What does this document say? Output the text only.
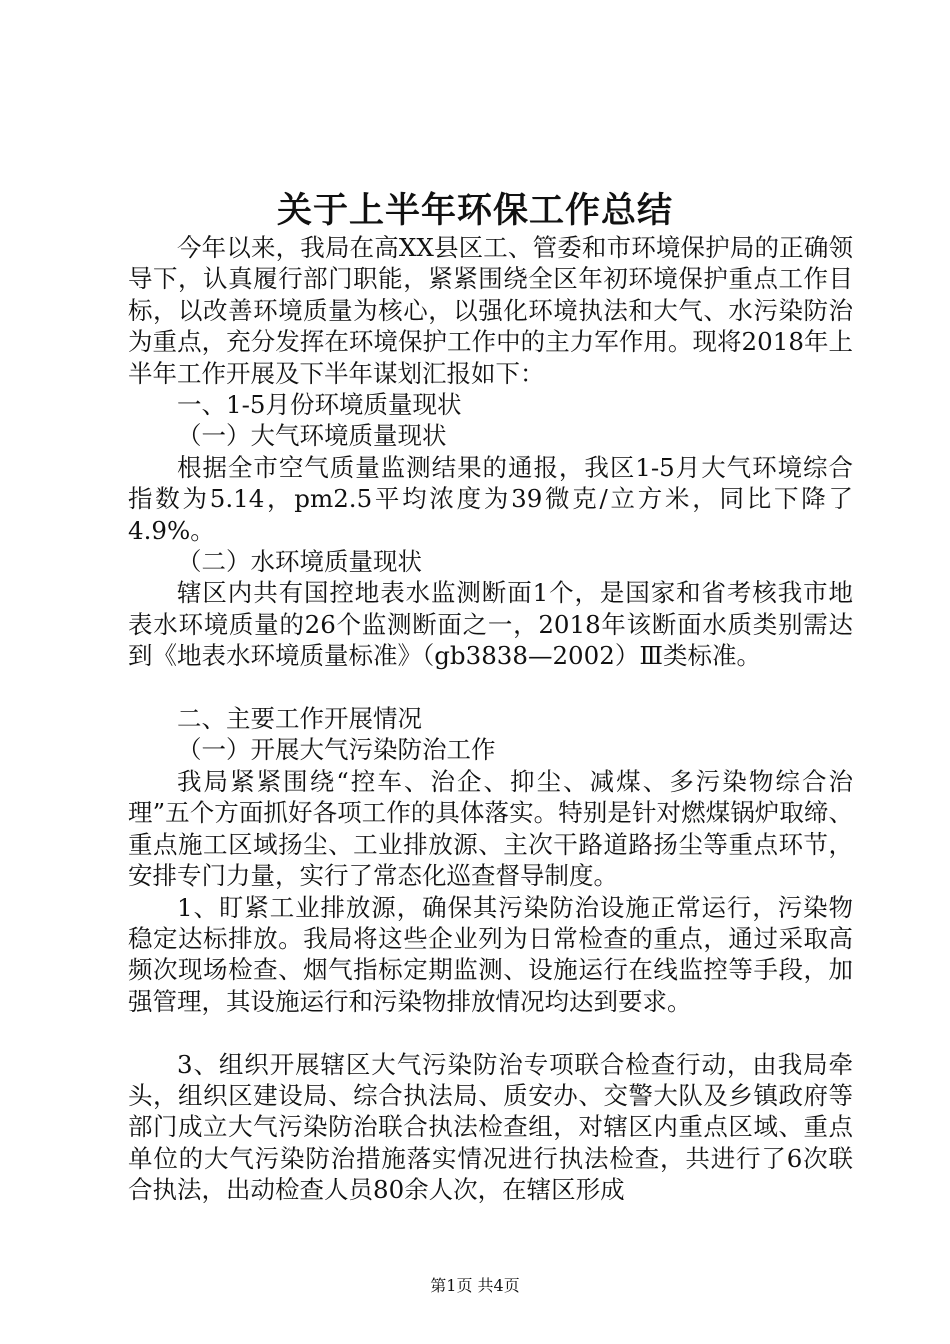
关于上半年环保工作总结

今年以来，我局在高XX县区工、管委和市环境保护局的正确领导下，认真履行部门职能，紧紧围绕全区年初环境保护重点工作目标，以改善环境质量为核心，以强化环境执法和大气、水污染防治为重点，充分发挥在环境保护工作中的主力军作用。现将2018年上半年工作开展及下半年谋划汇报如下：

一、1-5月份环境质量现状

（一）大气环境质量现状

根据全市空气质量监测结果的通报，我区1-5月大气环境综合指数为5.14，pm2.5平均浓度为39微克/立方米，同比下降了4.9%。

（二）水环境质量现状

辖区内共有国控地表水监测断面1个，是国家和省考核我市地表水环境质量的26个监测断面之一，2018年该断面水质类别需达到《地表水环境质量标准》（gb3838—2002）Ⅲ类标准。

二、主要工作开展情况

（一）开展大气污染防治工作

我局紧紧围绕“控车、治企、抑尘、减煤、多污染物综合治理”五个方面抓好各项工作的具体落实。特别是针对燃煤锅炉取缔、重点施工区域扬尘、工业排放源、主次干路道路扬尘等重点环节，安排专门力量，实行了常态化巡查督导制度。

1、盯紧工业排放源，确保其污染防治设施正常运行，污染物稳定达标排放。我局将这些企业列为日常检查的重点，通过采取高频次现场检查、烟气指标定期监测、设施运行在线监控等手段，加强管理，其设施运行和污染物排放情况均达到要求。

3、组织开展辖区大气污染防治专项联合检查行动，由我局牵头，组织区建设局、综合执法局、质安办、交警大队及乡镇政府等部门成立大气污染防治联合执法检查组，对辖区内重点区域、重点单位的大气污染防治措施落实情况进行执法检查，共进行了6次联合执法，出动检查人员80余人次，在辖区形成

第1页 共4页
